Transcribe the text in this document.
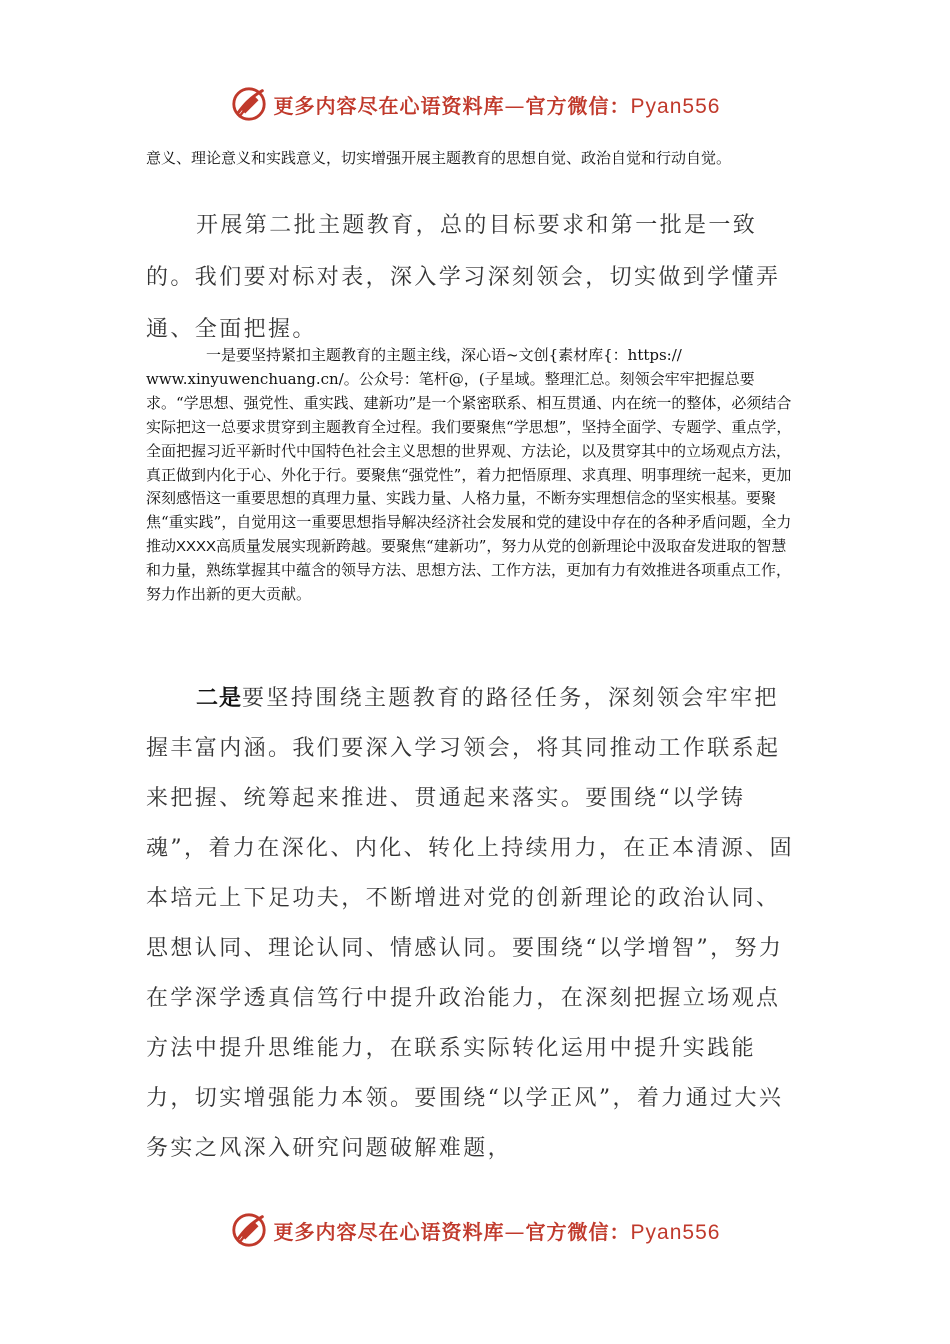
更多内容尽在心语资料库—官方微信：Pyan556
意义、理论意义和实践意义，切实增强开展主题教育的思想自觉、政治自觉和行动自觉。
开展第二批主题教育，总的目标要求和第一批是一致的。我们要对标对表，深入学习深刻领会，切实做到学懂弄通、全面把握。
一是要坚持紧扣主题教育的主题主线，深心语~文创{素材库{：https://
www.xinyuwenchuang.cn/。公众号：笔杆@，(子星域。整理汇总。刻领会牢牢把握总要求。“学思想、强党性、重实践、建新功”是一个紧密联系、相互贯通、内在统一的整体，必须结合实际把这一总要求贯穿到主题教育全过程。我们要聚焦“学思想”，坚持全面学、专题学、重点学，全面把握习近平新时代中国特色社会主义思想的世界观、方法论，以及贯穿其中的立场观点方法，真正做到内化于心、外化于行。要聚焦“强党性”，着力把悟原理、求真理、明事理统一起来，更加深刻感悟这一重要思想的真理力量、实践力量、人格力量，不断夯实理想信念的坚实根基。要聚焦“重实践”，自觉用这一重要思想指导解决经济社会发展和党的建设中存在的各种矛盾问题，全力推动XXXX高质量发展实现新跨越。要聚焦“建新功”，努力从党的创新理论中汲取奋发进取的智慧和力量，熟练掌握其中蕴含的领导方法、思想方法、工作方法，更加有力有效推进各项重点工作，努力作出新的更大贡献。
二是要坚持围绕主题教育的路径任务，深刻领会牢牢把握丰富内涵。我们要深入学习领会，将其同推动工作联系起来把握、统筹起来推进、贯通起来落实。要围绕“以学铸魂”，着力在深化、内化、转化上持续用力，在正本清源、固本培元上下足功夫，不断增进对党的创新理论的政治认同、思想认同、理论认同、情感认同。要围绕“以学增智”，努力在学深学透真信笃行中提升政治能力，在深刻把握立场观点方法中提升思维能力，在联系实际转化运用中提升实践能力，切实增强能力本领。要围绕“以学正风”，着力通过大兴务实之风深入研究问题破解难题，
更多内容尽在心语资料库—官方微信：Pyan556
